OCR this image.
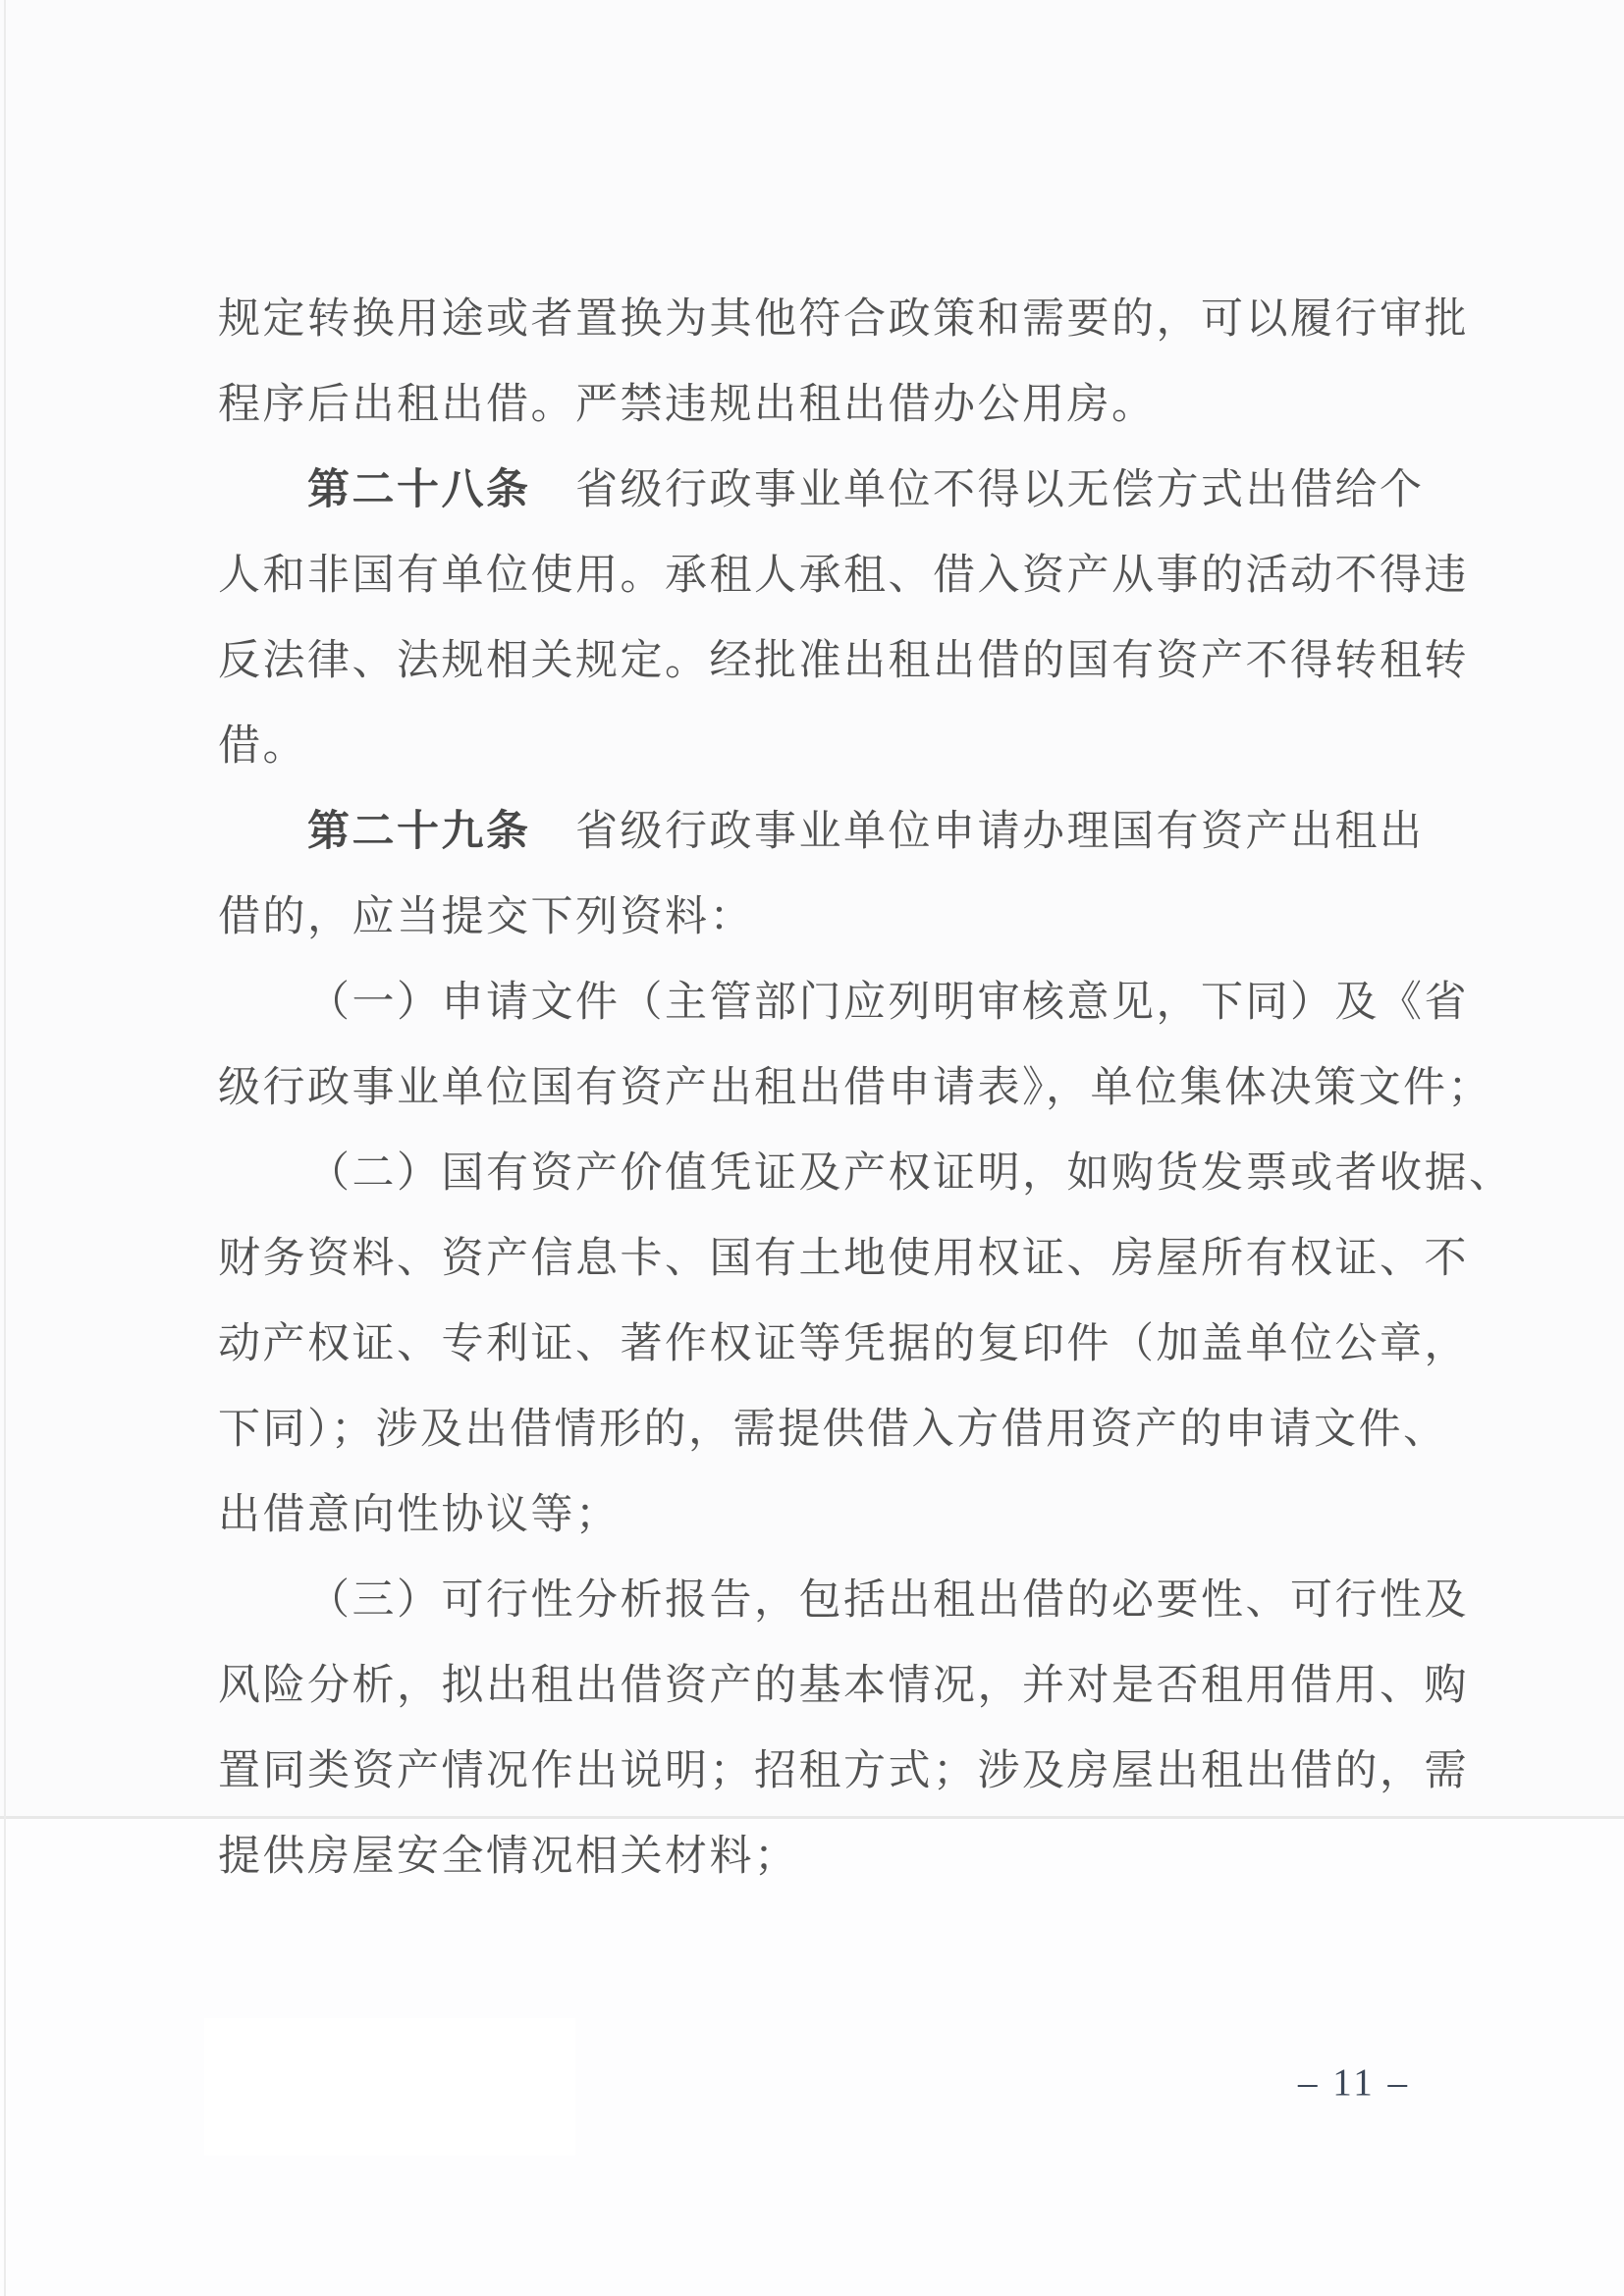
规定转换用途或者置换为其他符合政策和需要的，可以履行审批
程序后出租出借。严禁违规出租出借办公用房。
第二十八条　省级行政事业单位不得以无偿方式出借给个
人和非国有单位使用。承租人承租、借入资产从事的活动不得违
反法律、法规相关规定。经批准出租出借的国有资产不得转租转
借。
第二十九条　省级行政事业单位申请办理国有资产出租出
借的，应当提交下列资料：
（一）申请文件（主管部门应列明审核意见，下同）及《省
级行政事业单位国有资产出租出借申请表》，单位集体决策文件；
（二）国有资产价值凭证及产权证明，如购货发票或者收据、
财务资料、资产信息卡、国有土地使用权证、房屋所有权证、不
动产权证、专利证、著作权证等凭据的复印件（加盖单位公章，
下同）；涉及出借情形的，需提供借入方借用资产的申请文件、
出借意向性协议等；
（三）可行性分析报告，包括出租出借的必要性、可行性及
风险分析，拟出租出借资产的基本情况，并对是否租用借用、购
置同类资产情况作出说明；招租方式；涉及房屋出租出借的，需
提供房屋安全情况相关材料；
– 11 –
